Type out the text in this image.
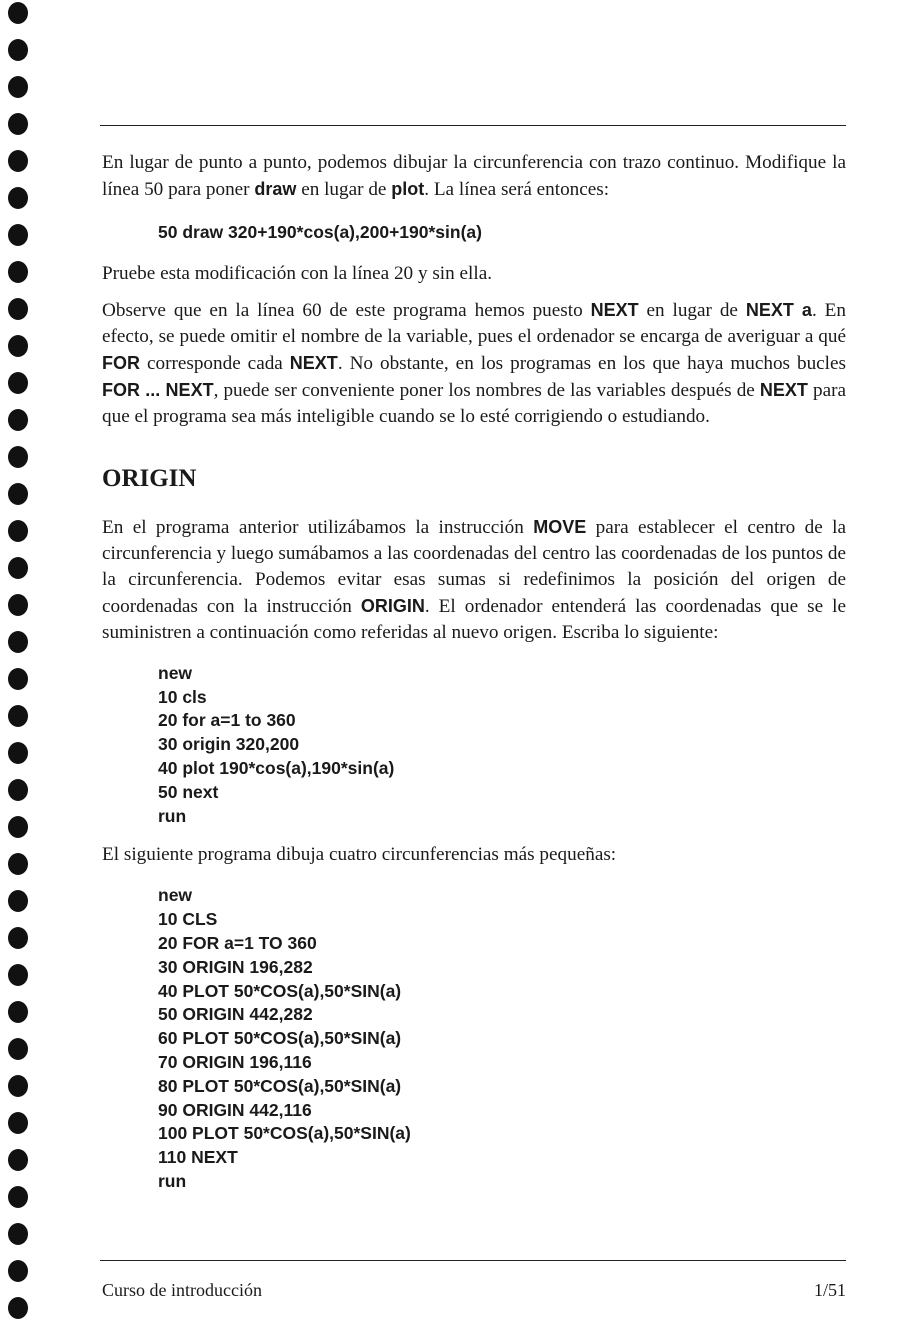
En lugar de punto a punto, podemos dibujar la circunferencia con trazo continuo. Modifique la línea 50 para poner draw en lugar de plot. La línea será entonces:

50 draw 320+190*cos(a),200+190*sin(a)

Pruebe esta modificación con la línea 20 y sin ella.

Observe que en la línea 60 de este programa hemos puesto NEXT en lugar de NEXT a. En efecto, se puede omitir el nombre de la variable, pues el ordenador se encarga de averiguar a qué FOR corresponde cada NEXT. No obstante, en los programas en los que haya muchos bucles FOR ... NEXT, puede ser conveniente poner los nombres de las variables después de NEXT para que el programa sea más inteligible cuando se lo esté corrigiendo o estudiando.

ORIGIN

En el programa anterior utilizábamos la instrucción MOVE para establecer el centro de la circunferencia y luego sumábamos a las coordenadas del centro las coordenadas de los puntos de la circunferencia. Podemos evitar esas sumas si redefinimos la posición del origen de coordenadas con la instrucción ORIGIN. El ordenador entenderá las coordenadas que se le suministren a continuación como referidas al nuevo origen. Escriba lo siguiente:

new
10 cls
20 for a=1 to 360
30 origin 320,200
40 plot 190*cos(a),190*sin(a)
50 next
run

El siguiente programa dibuja cuatro circunferencias más pequeñas:

new
10 CLS
20 FOR a=1 TO 360
30 ORIGIN 196,282
40 PLOT 50*COS(a),50*SIN(a)
50 ORIGIN 442,282
60 PLOT 50*COS(a),50*SIN(a)
70 ORIGIN 196,116
80 PLOT 50*COS(a),50*SIN(a)
90 ORIGIN 442,116
100 PLOT 50*COS(a),50*SIN(a)
110 NEXT
run
Curso de introducción	1/51
